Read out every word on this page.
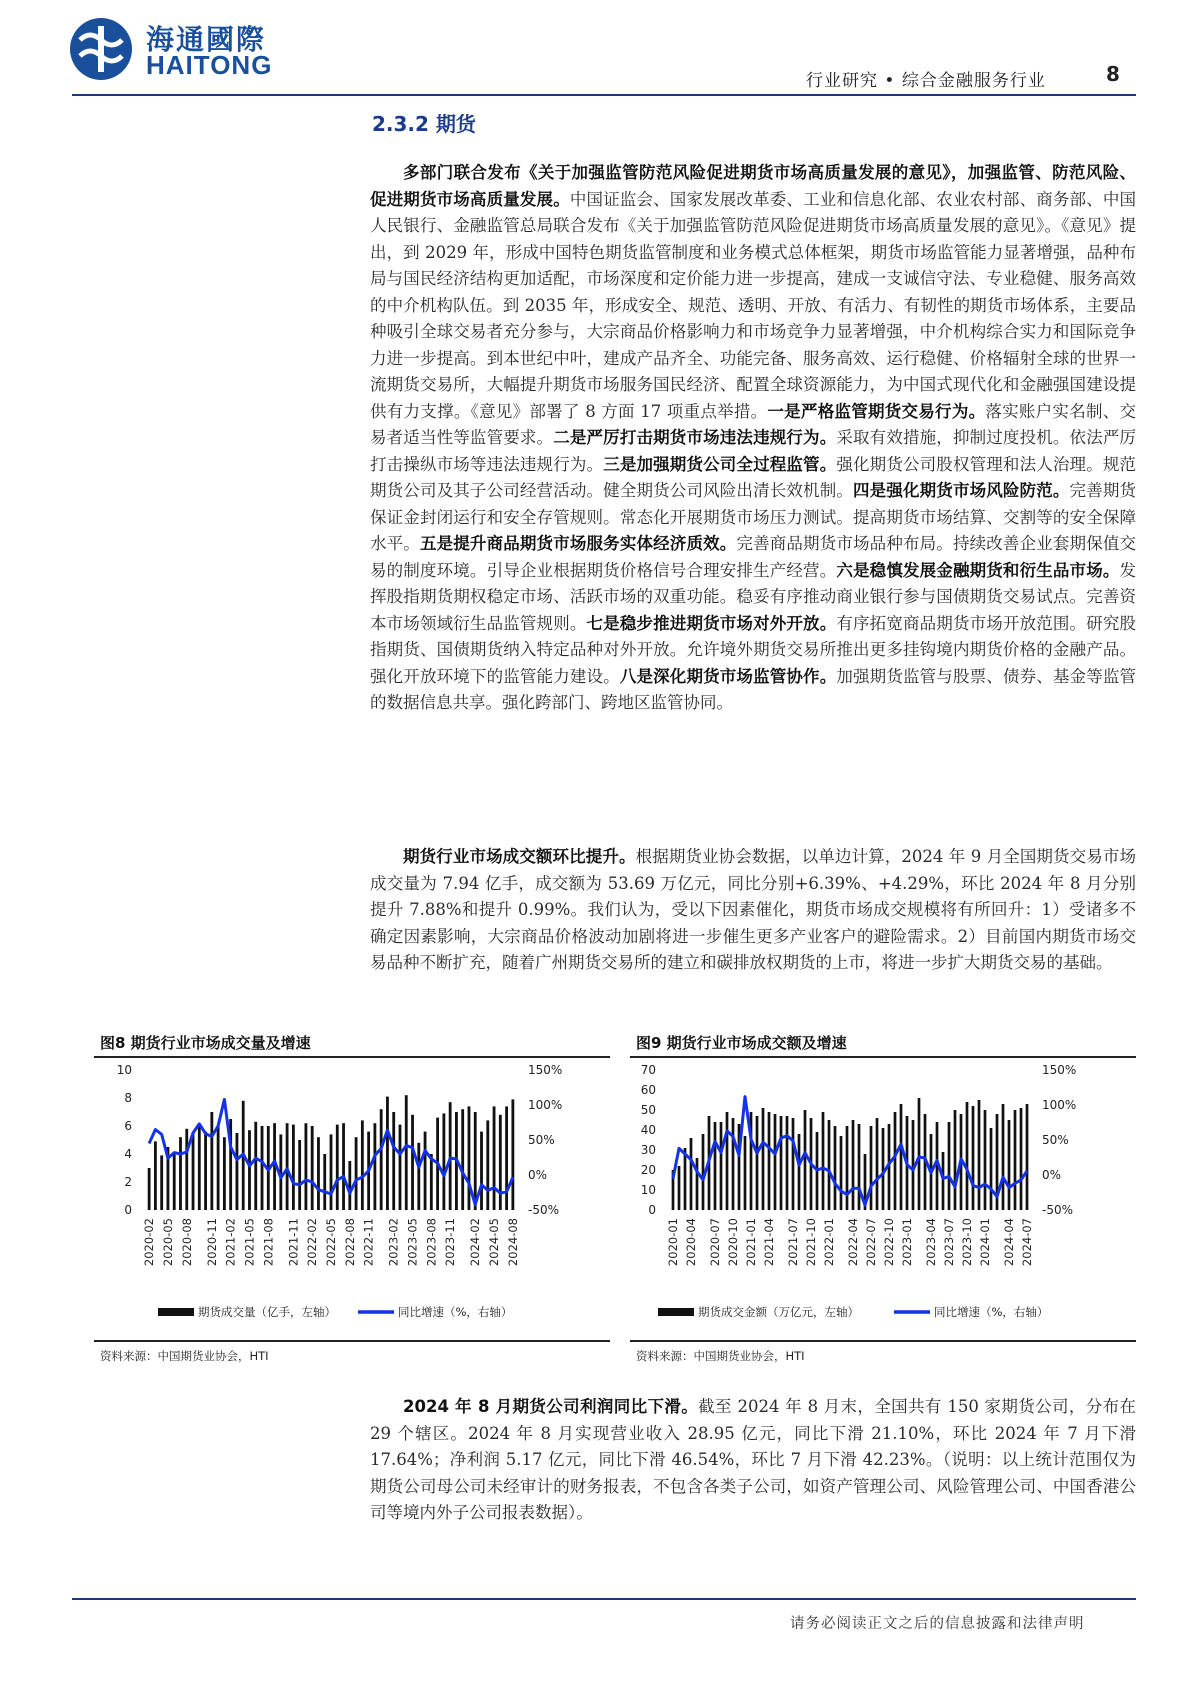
海通國際
HAITONG
行业研究 • 综合金融服务行业	8
2.3.2 期货
多部门联合发布《关于加强监管防范风险促进期货市场高质量发展的意见》，加强监管、防范风险、促进期货市场高质量发展。中国证监会、国家发展改革委、工业和信息化部、农业农村部、商务部、中国人民银行、金融监管总局联合发布《关于加强监管防范风险促进期货市场高质量发展的意见》。《意见》提出，到 2029 年，形成中国特色期货监管制度和业务模式总体框架，期货市场监管能力显著增强，品种布局与国民经济结构更加适配，市场深度和定价能力进一步提高，建成一支诚信守法、专业稳健、服务高效的中介机构队伍。到 2035 年，形成安全、规范、透明、开放、有活力、有韧性的期货市场体系，主要品种吸引全球交易者充分参与，大宗商品价格影响力和市场竞争力显著增强，中介机构综合实力和国际竞争力进一步提高。到本世纪中叶，建成产品齐全、功能完备、服务高效、运行稳健、价格辐射全球的世界一流期货交易所，大幅提升期货市场服务国民经济、配置全球资源能力，为中国式现代化和金融强国建设提供有力支撑。《意见》部署了 8 方面 17 项重点举措。一是严格监管期货交易行为。落实账户实名制、交易者适当性等监管要求。二是严厉打击期货市场违法违规行为。采取有效措施，抑制过度投机。依法严厉打击操纵市场等违法违规行为。三是加强期货公司全过程监管。强化期货公司股权管理和法人治理。规范期货公司及其子公司经营活动。健全期货公司风险出清长效机制。四是强化期货市场风险防范。完善期货保证金封闭运行和安全存管规则。常态化开展期货市场压力测试。提高期货市场结算、交割等的安全保障水平。五是提升商品期货市场服务实体经济质效。完善商品期货市场品种布局。持续改善企业套期保值交易的制度环境。引导企业根据期货价格信号合理安排生产经营。六是稳慎发展金融期货和衍生品市场。发挥股指期货期权稳定市场、活跃市场的双重功能。稳妥有序推动商业银行参与国债期货交易试点。完善资本市场领域衍生品监管规则。七是稳步推进期货市场对外开放。有序拓宽商品期货市场开放范围。研究股指期货、国债期货纳入特定品种对外开放。允许境外期货交易所推出更多挂钩境内期货价格的金融产品。强化开放环境下的监管能力建设。八是深化期货市场监管协作。加强期货监管与股票、债券、基金等监管的数据信息共享。强化跨部门、跨地区监管协同。
期货行业市场成交额环比提升。根据期货业协会数据，以单边计算，2024 年 9 月全国期货交易市场成交量为 7.94 亿手，成交额为 53.69 万亿元，同比分别+6.39%、+4.29%，环比 2024 年 8 月分别提升 7.88%和提升 0.99%。我们认为，受以下因素催化，期货市场成交规模将有所回升：1）受诸多不确定因素影响，大宗商品价格波动加剧将进一步催生更多产业客户的避险需求。2）目前国内期货市场交易品种不断扩充，随着广州期货交易所的建立和碳排放权期货的上市，将进一步扩大期货交易的基础。
图8 期货行业市场成交量及增速
10
8
6
4
2
0
150%
100%
50%
0%
-50%
2020-02 2020-05 2020-08 2020-11 2021-02 2021-05 2021-08 2021-11 2022-02 2022-05 2022-08 2022-11 2023-02 2023-05 2023-08 2023-11 2024-02 2024-05 2024-08
期货成交量（亿手，左轴）	同比增速（%，右轴）
资料来源：中国期货业协会，HTI
图9 期货行业市场成交额及增速
70
60
50
40
30
20
10
0
150%
100%
50%
0%
-50%
2020-01 2020-04 2020-07 2020-10 2021-01 2021-04 2021-07 2021-10 2022-01 2022-04 2022-07 2022-10 2023-01 2023-04 2023-07 2023-10 2024-01 2024-04 2024-07
期货成交金额（万亿元，左轴）	同比增速（%，右轴）
资料来源：中国期货业协会，HTI
2024 年 8 月期货公司利润同比下滑。截至 2024 年 8 月末，全国共有 150 家期货公司，分布在 29 个辖区。2024 年 8 月实现营业收入 28.95 亿元，同比下滑 21.10%，环比 2024 年 7 月下滑 17.64%；净利润 5.17 亿元，同比下滑 46.54%，环比 7 月下滑 42.23%。（说明：以上统计范围仅为期货公司母公司未经审计的财务报表，不包含各类子公司，如资产管理公司、风险管理公司、中国香港公司等境内外子公司报表数据）。
请务必阅读正文之后的信息披露和法律声明
